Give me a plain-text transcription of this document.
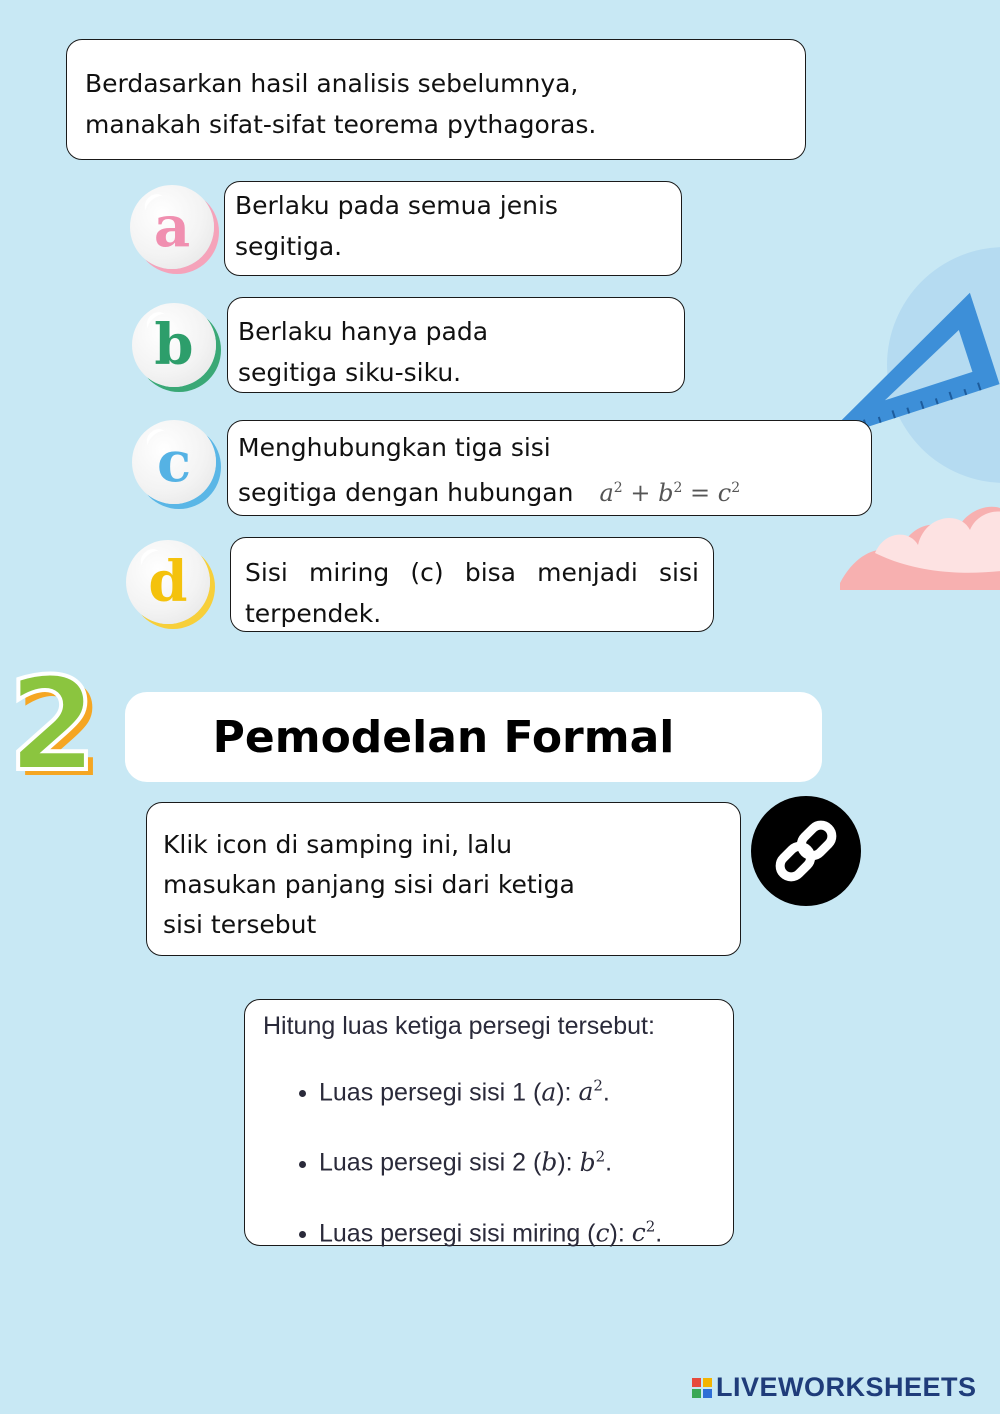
Berdasarkan hasil analisis sebelumnya,
manakah sifat-sifat teorema pythagoras.
a Berlaku pada semua jenis
segitiga.
b Berlaku hanya pada
segitiga siku-siku.
c Menghubungkan tiga sisi
segitiga dengan hubungan $a^2 + b^2 = c^2$
d Sisi miring (c) bisa menjadi sisi
terpendek.
2	Pemodelan Formal
Klik icon di samping ini, lalu
masukan panjang sisi dari ketiga
sisi tersebut
Hitung luas ketiga persegi tersebut:
• Luas persegi sisi 1 (a): $a^2$.
• Luas persegi sisi 2 (b): $b^2$.
• Luas persegi sisi miring (c): $c^2$.
LIVEWORKSHEETS
